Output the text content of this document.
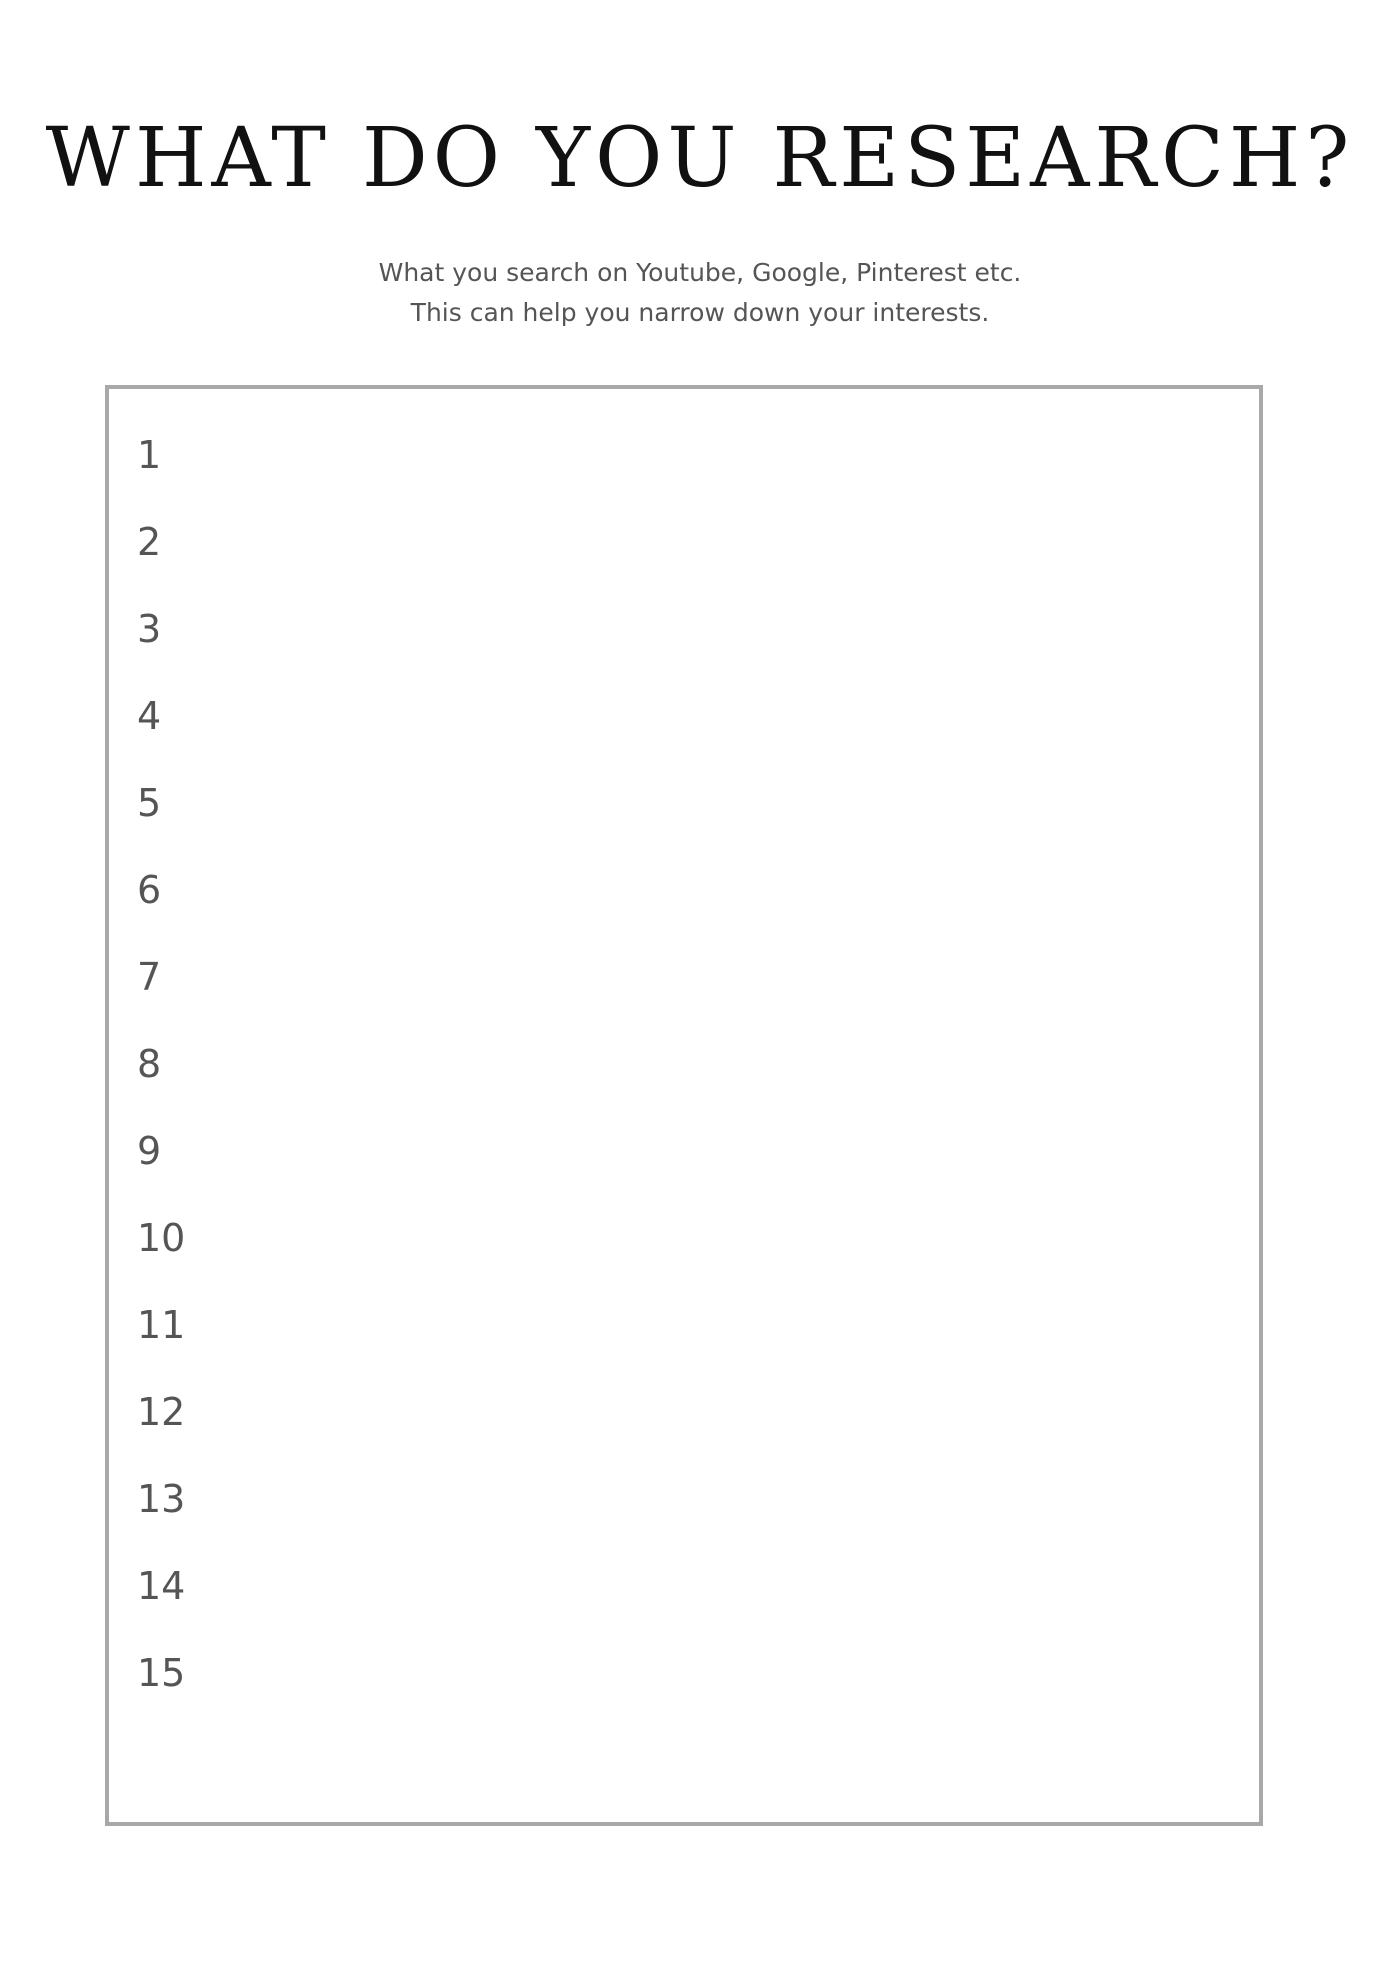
WHAT DO YOU RESEARCH?
What you search on Youtube, Google, Pinterest etc.
This can help you narrow down your interests.
1
2
3
4
5
6
7
8
9
10
11
12
13
14
15
